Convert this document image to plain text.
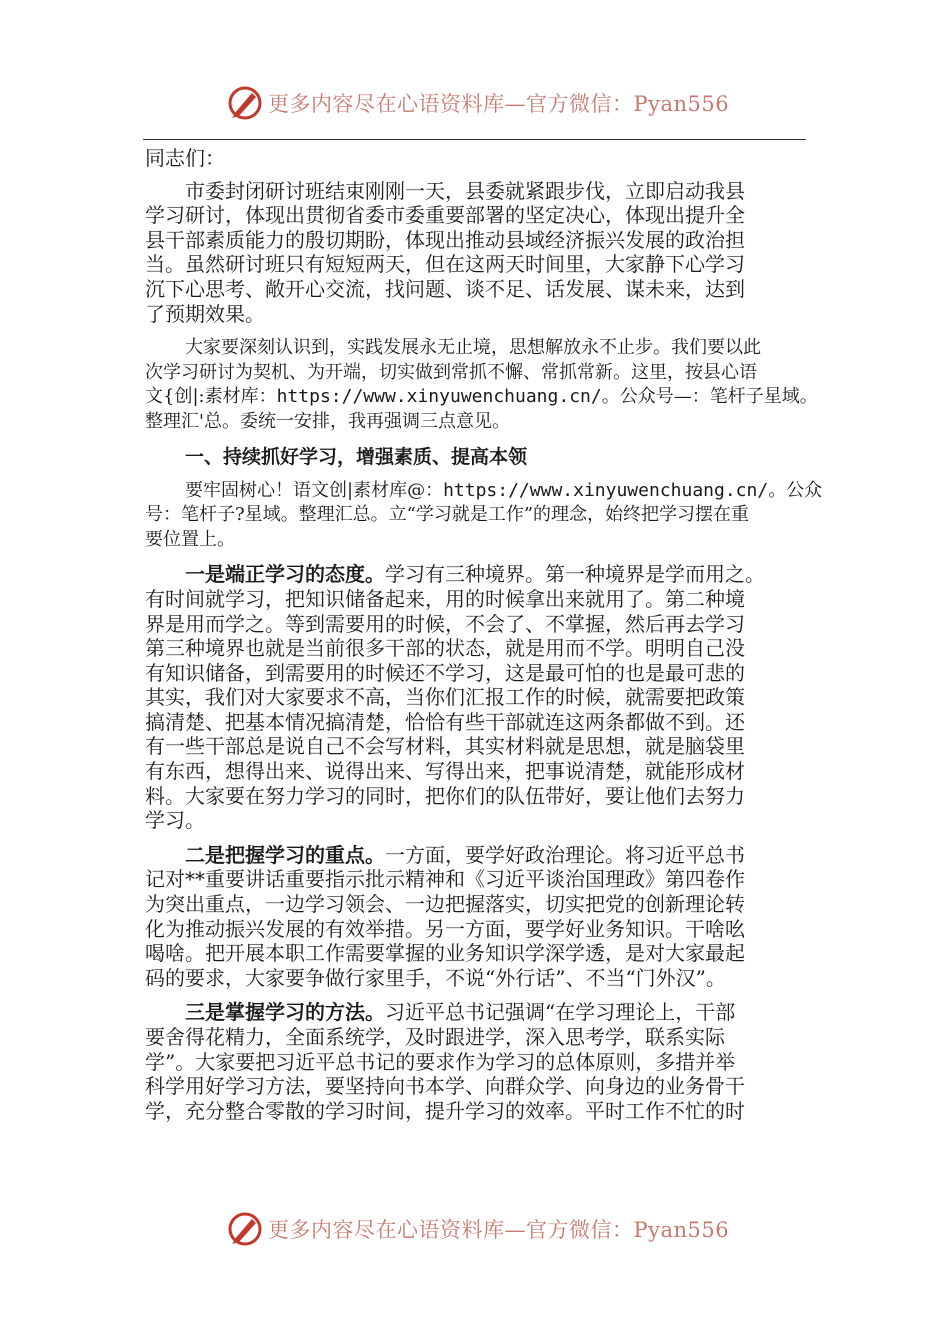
更多内容尽在心语资料库—官方微信：Pyan556

同志们：

市委封闭研讨班结束刚刚一天，县委就紧跟步伐，立即启动我县

学习研讨，体现出贯彻省委市委重要部署的坚定决心，体现出提升全

县干部素质能力的殷切期盼，体现出推动县域经济振兴发展的政治担

当。虽然研讨班只有短短两天，但在这两天时间里，大家静下心学习

沉下心思考、敞开心交流，找问题、谈不足、话发展、谋未来，达到

了预期效果。

大家要深刻认识到，实践发展永无止境，思想解放永不止步。我们要以此

次学习研讨为契机、为开端，切实做到常抓不懈、常抓常新。这里，按县心语

文{创|:素材库：https://www.xinyuwenchuang.cn/。公众号—：笔杆子星域。

整理汇'总。委统一安排，我再强调三点意见。

一、持续抓好学习，增强素质、提高本领

要牢固树心！语文创|素材库@：https://www.xinyuwenchuang.cn/。公众

号：笔杆子?星域。整理汇总。立“学习就是工作”的理念，始终把学习摆在重

要位置上。

一是端正学习的态度。学习有三种境界。第一种境界是学而用之。

有时间就学习，把知识储备起来，用的时候拿出来就用了。第二种境

界是用而学之。等到需要用的时候，不会了、不掌握，然后再去学习

第三种境界也就是当前很多干部的状态，就是用而不学。明明自己没

有知识储备，到需要用的时候还不学习，这是最可怕的也是最可悲的

其实，我们对大家要求不高，当你们汇报工作的时候，就需要把政策

搞清楚、把基本情况搞清楚，恰恰有些干部就连这两条都做不到。还

有一些干部总是说自己不会写材料，其实材料就是思想，就是脑袋里

有东西，想得出来、说得出来、写得出来，把事说清楚，就能形成材

料。大家要在努力学习的同时，把你们的队伍带好，要让他们去努力

学习。

二是把握学习的重点。一方面，要学好政治理论。将习近平总书

记对**重要讲话重要指示批示精神和《习近平谈治国理政》第四卷作

为突出重点，一边学习领会、一边把握落实，切实把党的创新理论转

化为推动振兴发展的有效举措。另一方面，要学好业务知识。干啥吆

喝啥。把开展本职工作需要掌握的业务知识学深学透，是对大家最起

码的要求，大家要争做行家里手，不说“外行话”、不当“门外汉”。

三是掌握学习的方法。习近平总书记强调“在学习理论上，干部

要舍得花精力，全面系统学，及时跟进学，深入思考学，联系实际

学”。大家要把习近平总书记的要求作为学习的总体原则，多措并举

科学用好学习方法，要坚持向书本学、向群众学、向身边的业务骨干

学，充分整合零散的学习时间，提升学习的效率。平时工作不忙的时

更多内容尽在心语资料库—官方微信：Pyan556
